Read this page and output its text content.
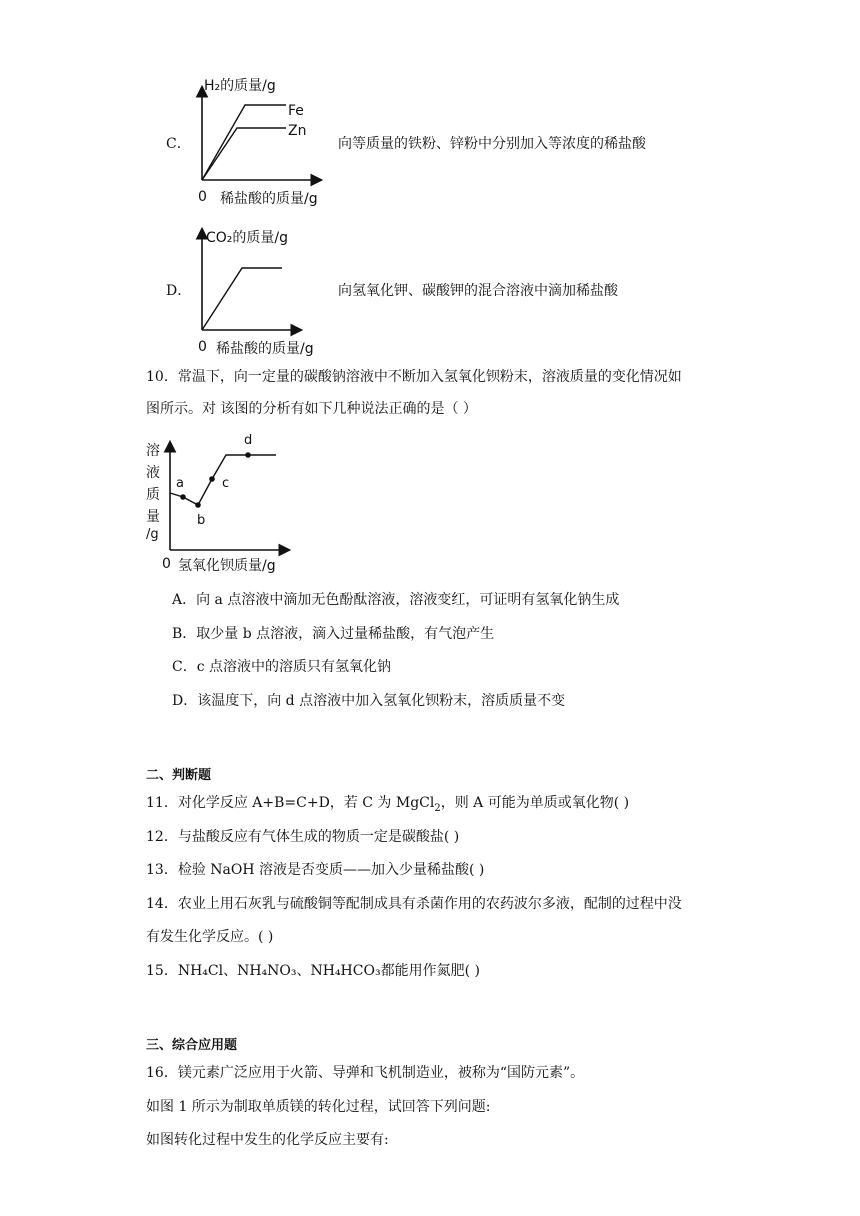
C．
H₂的质量/g
Fe
Zn
0 稀盐酸的质量/g
向等质量的铁粉、锌粉中分别加入等浓度的稀盐酸
D．
CO₂的质量/g
0 稀盐酸的质量/g
向氢氧化钾、碳酸钾的混合溶液中滴加稀盐酸
10．常温下，向一定量的碳酸钠溶液中不断加入氢氧化钡粉末，溶液质量的变化情况如
图所示。对 该图的分析有如下几种说法正确的是（ ）
溶
液
质
量
/g
a
b
c
d
0 氢氧化钡质量/g
A．向 a 点溶液中滴加无色酚酞溶液，溶液变红，可证明有氢氧化钠生成
B．取少量 b 点溶液，滴入过量稀盐酸，有气泡产生
C．c 点溶液中的溶质只有氢氧化钠
D．该温度下，向 d 点溶液中加入氢氧化钡粉末，溶质质量不变
二、判断题
11．对化学反应 A+B=C+D，若 C 为 MgCl$_2$，则 A 可能为单质或氧化物( )
12．与盐酸反应有气体生成的物质一定是碳酸盐( )
13．检验 NaOH 溶液是否变质——加入少量稀盐酸( )
14．农业上用石灰乳与硫酸铜等配制成具有杀菌作用的农药波尔多液，配制的过程中没
有发生化学反应。( )
15．NH₄Cl、NH₄NO₃、NH₄HCO₃都能用作氮肥( )
三、综合应用题
16．镁元素广泛应用于火箭、导弹和飞机制造业，被称为“国防元素”。
如图 1 所示为制取单质镁的转化过程，试回答下列问题:
如图转化过程中发生的化学反应主要有:
